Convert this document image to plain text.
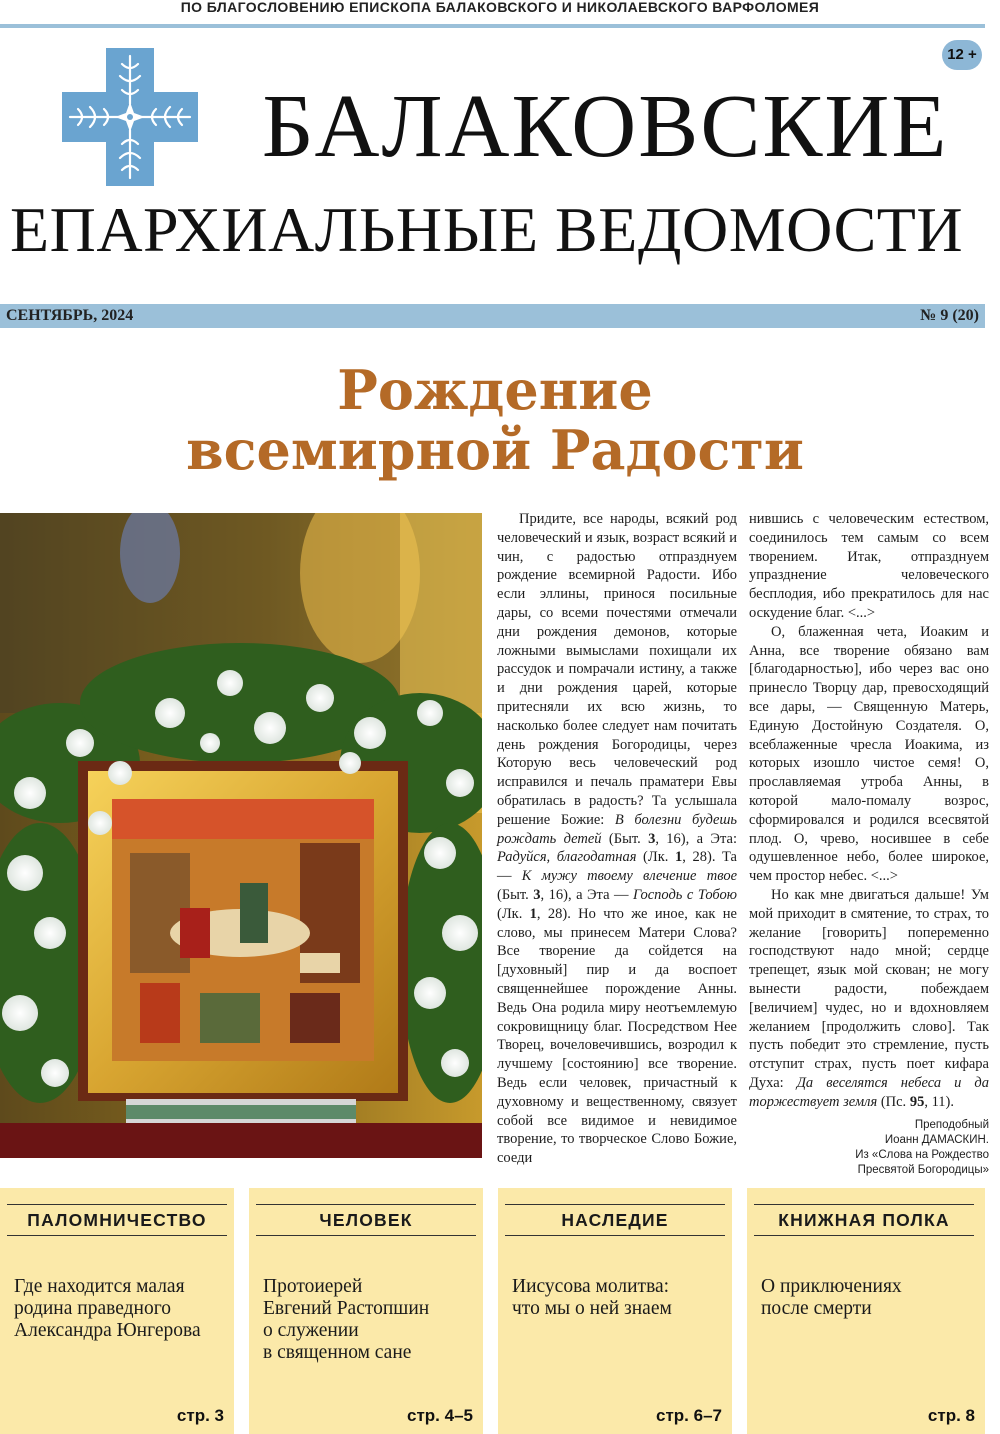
ПО БЛАГОСЛОВЕНИЮ ЕПИСКОПА БАЛАКОВСКОГО И НИКОЛАЕВСКОГО ВАРФОЛОМЕЯ
12 +
БАЛАКОВСКИЕ
ЕПАРХИАЛЬНЫЕ ВЕДОМОСТИ
СЕНТЯБРЬ, 2024	№ 9 (20)
Рождение
всемирной Радости

Придите, все народы, всякий род человеческий и язык, возраст всякий и чин, с радостью отпразднуем рождение всемирной Радости. Ибо если эллины, принося посильные дары, со всеми почестями отмечали дни рождения демонов, которые ложными вымыслами похищали их рассудок и помрачали истину, а также и дни рождения царей, которые притесняли их всю жизнь, то насколько более следует нам почитать день рождения Богородицы, через Которую весь человеческий род исправился и печаль праматери Евы обратилась в радость? Та услышала решение Божие: В болезни будешь рождать детей (Быт. 3, 16), а Эта: Радуйся, благодатная (Лк. 1, 28). Та — К мужу твоему влечение твое (Быт. 3, 16), а Эта — Господь с Тобою (Лк. 1, 28). Но что же иное, как не слово, мы принесем Матери Слова? Все творение да сойдется на [духовный] пир и да воспоет священнейшее порождение Анны. Ведь Она родила миру неотъемлемую сокровищницу благ. Посредством Нее Творец, вочеловечившись, возродил к лучшему [состоянию] все творение. Ведь если человек, причастный к духовному и вещественному, связует собой все видимое и невидимое творение, то творческое Слово Божие, соеди

нившись с человеческим естеством, соединилось тем самым со всем творением. Итак, отпразднуем упразднение человеческого бесплодия, ибо прекратилось для нас оскудение благ. <...>

О, блаженная чета, Иоаким и Анна, все творение обязано вам [благодарностью], ибо через вас оно принесло Творцу дар, превосходящий все дары, — Священную Матерь, Единую Достойную Создателя. О, всеблаженные чресла Иоакима, из которых изошло чистое семя! О, прославляемая утроба Анны, в которой мало-помалу возрос, сформировался и родился всесвятой плод. О, чрево, носившее в себе одушевленное небо, более широкое, чем простор небес. <...>

Но как мне двигаться дальше! Ум мой приходит в смятение, то страх, то желание [говорить] попеременно господствуют надо мной; сердце трепещет, язык мой скован; не могу вынести радости, побеждаем [величием] чудес, но и вдохновляем желанием [продолжить слово]. Так пусть победит это стремление, пусть отступит страх, пусть поет кифара Духа: Да веселятся небеса и да торжествует земля (Пс. 95, 11).

Преподобный
Иоанн ДАМАСКИН.
Из «Слова на Рождество
Пресвятой Богородицы»
ПАЛОМНИЧЕСТВО
Где находится малая
родина праведного
Александра Юнгерова
стр. 3
ЧЕЛОВЕК
Протоиерей
Евгений Растопшин
о служении
в священном сане
стр. 4–5
НАСЛЕДИЕ
Иисусова молитва:
что мы о ней знаем
стр. 6–7
КНИЖНАЯ ПОЛКА
О приключениях
после смерти
стр. 8
